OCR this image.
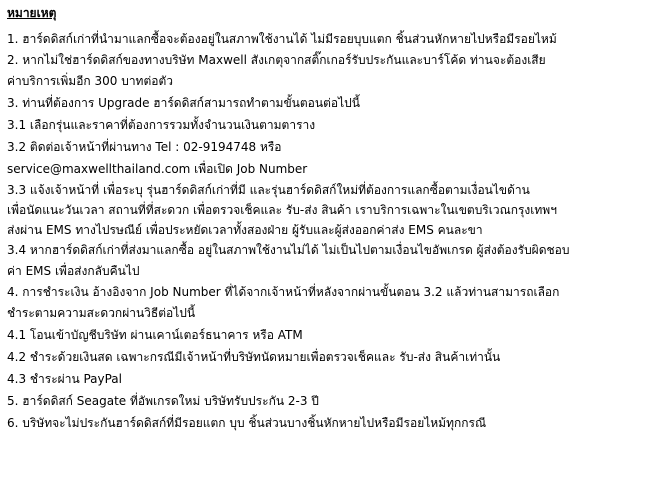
หมายเหตุ
1. ฮาร์ดดิสก์เก่าที่นำมาแลกซื้อจะต้องอยู่ในสภาพใช้งานได้ ไม่มีรอยบุบแตก ชิ้นส่วนหักหายไปหรือมีรอยไหม้
2. หากไม่ใช่ฮาร์ดดิสก์ของทางบริษัท Maxwell สังเกตุจากสติ๊กเกอร์รับประกันและบาร์โค้ด ท่านจะต้องเสีย
ค่าบริการเพิ่มอีก 300 บาทต่อตัว
3. ท่านที่ต้องการ Upgrade ฮาร์ดดิสก์สามารถทำตามขั้นตอนต่อไปนี้
3.1 เลือกรุ่นและราคาที่ต้องการรวมทั้งจำนวนเงินตามตาราง
3.2 ติดต่อเจ้าหน้าที่ผ่านทาง Tel : 02-9194748 หรือ
service@maxwellthailand.com เพื่อเปิด Job Number
3.3 แจ้งเจ้าหน้าที่ เพื่อระบุ รุ่นฮาร์ดดิสก์เก่าที่มี และรุ่นฮาร์ดดิสก์ใหม่ที่ต้องการแลกซื้อตามเงื่อนไขด้าน
เพื่อนัดแนะวันเวลา สถานที่ที่สะดวก เพื่อตรวจเช็คและ รับ-ส่ง สินค้า เราบริการเฉพาะในเขตบริเวณกรุงเทพฯ
ส่งผ่าน EMS ทางไปรษณีย์ เพื่อประหยัดเวลาทั้งสองฝ่าย ผู้รับและผู้ส่งออกค่าส่ง EMS คนละขา
3.4 หากฮาร์ดดิสก์เก่าที่ส่งมาแลกซื้อ อยู่ในสภาพใช้งานไม่ได้ ไม่เป็นไปตามเงื่อนไขอัพเกรด ผู้ส่งต้องรับผิดชอบ
ค่า EMS เพื่อส่งกลับคืนไป
4. การชำระเงิน อ้างอิงจาก Job Number ที่ได้จากเจ้าหน้าที่หลังจากผ่านขั้นตอน 3.2 แล้วท่านสามารถเลือก
ชำระตามความสะดวกผ่านวิธีต่อไปนี้
4.1 โอนเข้าบัญชีบริษัท ผ่านเคาน์เตอร์ธนาคาร หรือ ATM
4.2 ชำระด้วยเงินสด เฉพาะกรณีมีเจ้าหน้าที่บริษัทนัดหมายเพื่อตรวจเช็คและ รับ-ส่ง สินค้าเท่านั้น
4.3 ชำระผ่าน PayPal
5. ฮาร์ดดิสก์ Seagate ที่อัพเกรดใหม่ บริษัทรับประกัน 2-3 ปี
6. บริษัทจะไม่ประกันฮาร์ดดิสก์ที่มีรอยแตก บุบ ชิ้นส่วนบางชิ้นหักหายไปหรือมีรอยไหม้ทุกกรณี
